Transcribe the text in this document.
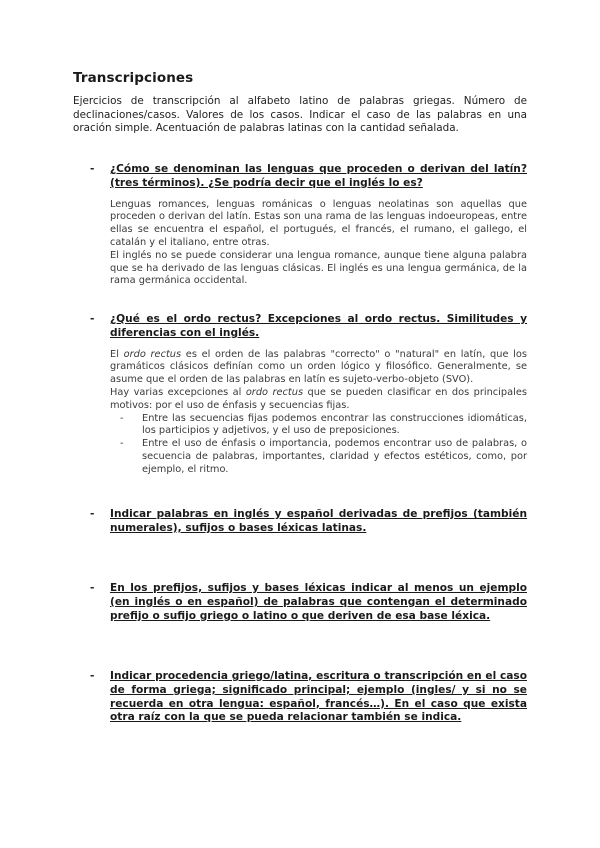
Transcripciones
Ejercicios de transcripción al alfabeto latino de palabras griegas. Número de declinaciones/casos. Valores de los casos. Indicar el caso de las palabras en una oración simple. Acentuación de palabras latinas con la cantidad señalada.
- ¿Cómo se denominan las lenguas que proceden o derivan del latín? (tres términos). ¿Se podría decir que el inglés lo es?

Lenguas romances, lenguas románicas o lenguas neolatinas son aquellas que proceden o derivan del latín. Estas son una rama de las lenguas indoeuropeas, entre ellas se encuentra el español, el portugués, el francés, el rumano, el gallego, el catalán y el italiano, entre otras.

El inglés no se puede considerar una lengua romance, aunque tiene alguna palabra que se ha derivado de las lenguas clásicas. El inglés es una lengua germánica, de la rama germánica occidental.

- ¿Qué es el ordo rectus? Excepciones al ordo rectus. Similitudes y diferencias con el inglés.

El ordo rectus es el orden de las palabras "correcto" o "natural" en latín, que los gramáticos clásicos definían como un orden lógico y filosófico. Generalmente, se asume que el orden de las palabras en latín es sujeto-verbo-objeto (SVO).

Hay varias excepciones al ordo rectus que se pueden clasificar en dos principales motivos: por el uso de énfasis y secuencias fijas.

- Entre las secuencias fijas podemos encontrar las construcciones idiomáticas, los participios y adjetivos, y el uso de preposiciones.
- Entre el uso de énfasis o importancia, podemos encontrar uso de palabras, o secuencia de palabras, importantes, claridad y efectos estéticos, como, por ejemplo, el ritmo.
- Indicar palabras en inglés y español derivadas de prefijos (también numerales), sufijos o bases léxicas latinas.
- En los prefijos, sufijos y bases léxicas indicar al menos un ejemplo (en inglés o en español) de palabras que contengan el determinado prefijo o sufijo griego o latino o que deriven de esa base léxica.
- Indicar procedencia griego/latina, escritura o transcripción en el caso de forma griega; significado principal; ejemplo (ingles/ y si no se recuerda en otra lengua: español, francés…). En el caso que exista otra raíz con la que se pueda relacionar también se indica.
